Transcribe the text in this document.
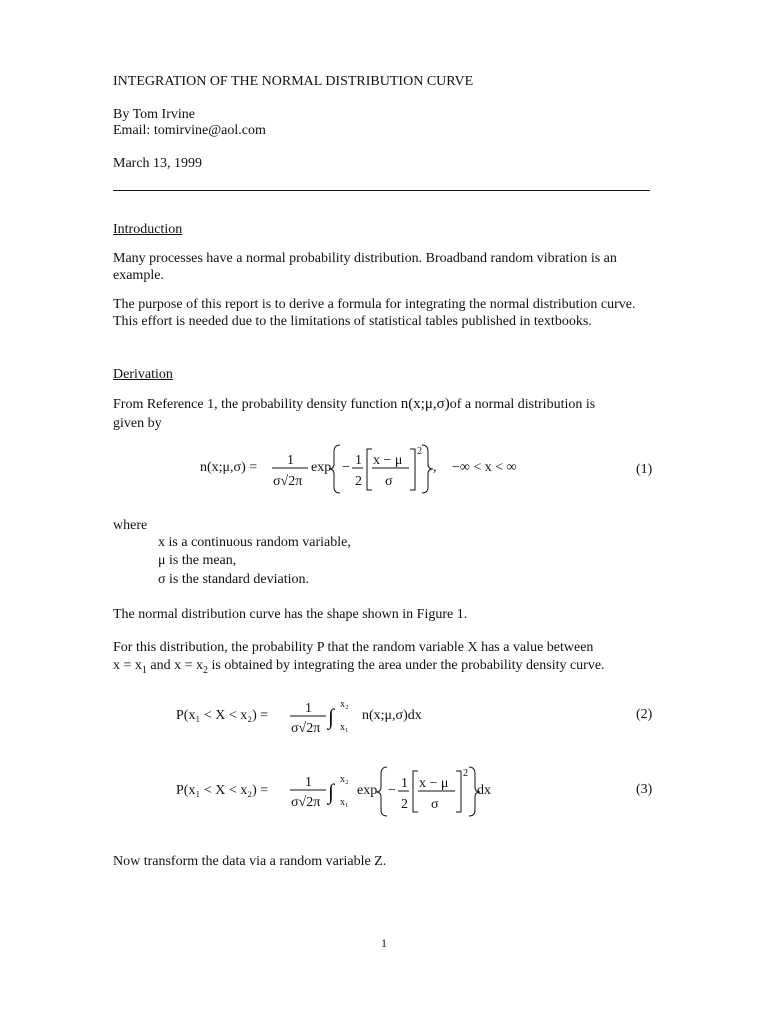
INTEGRATION OF THE NORMAL DISTRIBUTION CURVE
By Tom Irvine
Email: tomirvine@aol.com
March 13, 1999
Introduction
Many processes have a normal probability distribution. Broadband random vibration is an example.
The purpose of this report is to derive a formula for integrating the normal distribution curve. This effort is needed due to the limitations of statistical tables published in textbooks.
Derivation
From Reference 1, the probability density function n(x;μ,σ)of a normal distribution is
given by
n(x;μ,σ) = 1
σ√2π
exp − 1
2
x − μ
σ
2
, −∞ < x < ∞	(1)
where
x is a continuous random variable,
μ is the mean,
σ is the standard deviation.
The normal distribution curve has the shape shown in Figure 1.
For this distribution, the probability P that the random variable X has a value between
$x = x_1$ and $x = x_2$ is obtained by integrating the area under the probability density curve.
P(x₁ < X < x₂) =	1
σ√2π ∫ x₂
x₁
n(x;μ,σ)dx	(2)
P(x₁ < X < x₂) =
1
σ√2π ∫ x₂
x₁
exp − 1
2
x − μ
σ
2
dx	(3)
Now transform the data via a random variable Z.
1
